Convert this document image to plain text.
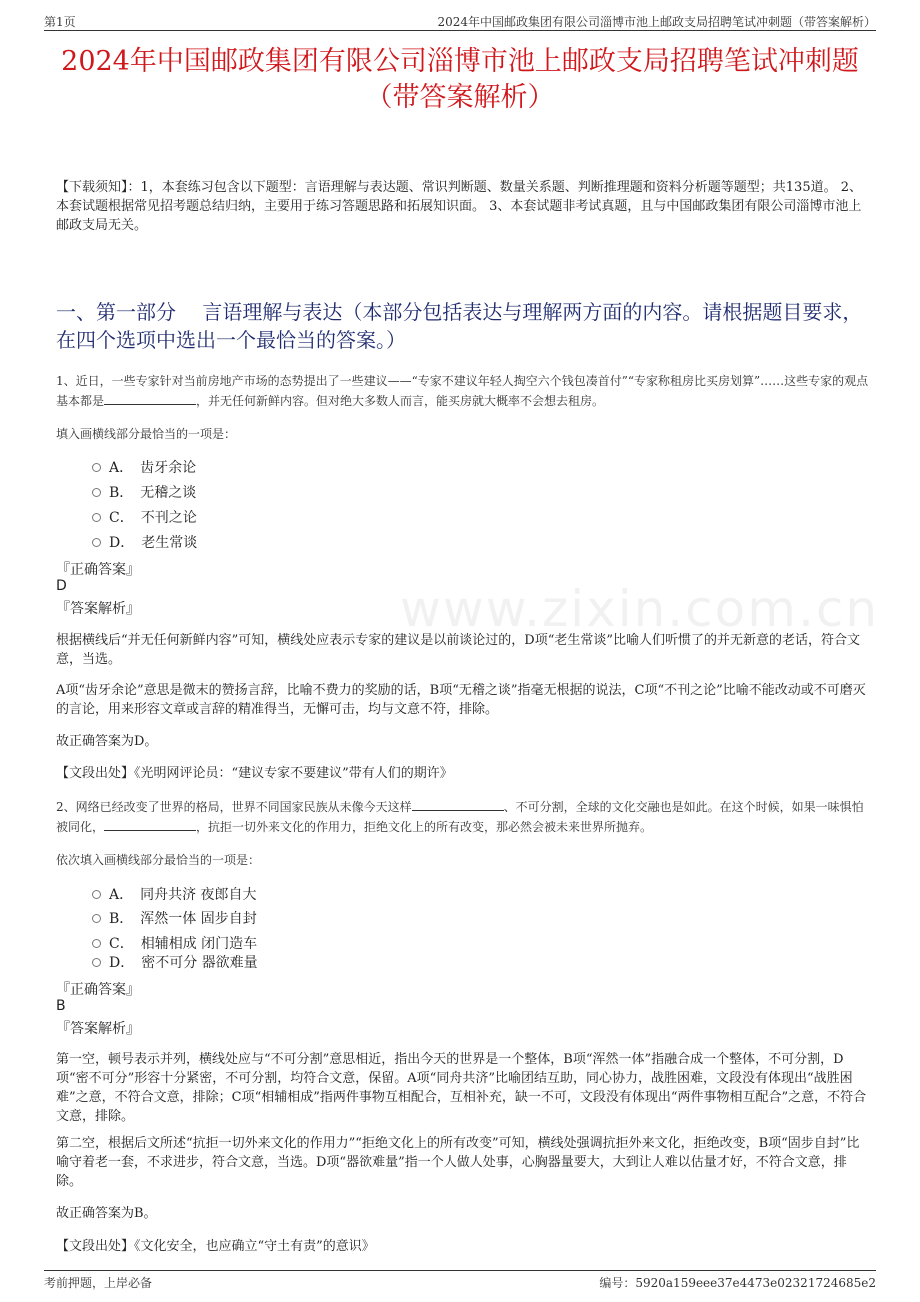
第1页	2024年中国邮政集团有限公司淄博市池上邮政支局招聘笔试冲刺题（带答案解析）
2024年中国邮政集团有限公司淄博市池上邮政支局招聘笔试冲刺题（带答案解析）
【下载须知】：1，本套练习包含以下题型：言语理解与表达题、常识判断题、数量关系题、判断推理题和资料分析题等题型；共135道。 2、本套试题根据常见招考题总结归纳，主要用于练习答题思路和拓展知识面。 3、本套试题非考试真题，且与中国邮政集团有限公司淄博市池上邮政支局无关。
一、第一部分　 言语理解与表达（本部分包括表达与理解两方面的内容。请根据题目要求，在四个选项中选出一个最恰当的答案。）
www.zixin.com.cn
1、近日，一些专家针对当前房地产市场的态势提出了一些建议——“专家不建议年轻人掏空六个钱包凑首付”“专家称租房比买房划算”……这些专家的观点基本都是	，并无任何新鲜内容。但对绝大多数人而言，能买房就大概率不会想去租房。
填入画横线部分最恰当的一项是：
A．　齿牙余论
B．　无稽之谈
C．　不刊之论
D．　老生常谈
『正确答案』
D
『答案解析』
根据横线后“并无任何新鲜内容”可知，横线处应表示专家的建议是以前谈论过的，D项“老生常谈”比喻人们听惯了的并无新意的老话，符合文意，当选。
A项“齿牙余论”意思是微末的赞扬言辞，比喻不费力的奖励的话，B项“无稽之谈”指毫无根据的说法，C项“不刊之论”比喻不能改动或不可磨灭的言论，用来形容文章或言辞的精准得当，无懈可击，均与文意不符，排除。
故正确答案为D。
【文段出处】《光明网评论员：“建议专家不要建议”带有人们的期许》
2、网络已经改变了世界的格局，世界不同国家民族从未像今天这样	、不可分割，全球的文化交融也是如此。在这个时候，如果一味惧怕被同化，	，抗拒一切外来文化的作用力，拒绝文化上的所有改变，那必然会被未来世界所抛弃。
依次填入画横线部分最恰当的一项是：
A．　同舟共济 夜郎自大
B．　浑然一体 固步自封
C．　相辅相成 闭门造车
D．　密不可分 器欲难量
『正确答案』
B
『答案解析』
第一空，顿号表示并列，横线处应与“不可分割”意思相近，指出今天的世界是一个整体，B项“浑然一体”指融合成一个整体，不可分割，D项“密不可分”形容十分紧密，不可分割，均符合文意，保留。A项“同舟共济”比喻团结互助，同心协力，战胜困难，文段没有体现出“战胜困难”之意，不符合文意，排除；C项“相辅相成”指两件事物互相配合，互相补充，缺一不可，文段没有体现出“两件事物相互配合”之意，不符合文意，排除。
第二空，根据后文所述“抗拒一切外来文化的作用力”“拒绝文化上的所有改变”可知，横线处强调抗拒外来文化，拒绝改变，B项“固步自封”比喻守着老一套，不求进步，符合文意，当选。D项“器欲难量”指一个人做人处事，心胸器量要大，大到让人难以估量才好，不符合文意，排除。
故正确答案为B。
【文段出处】《文化安全，也应确立“守土有责”的意识》
考前押题，上岸必备	编号：5920a159eee37e4473e02321724685e2
